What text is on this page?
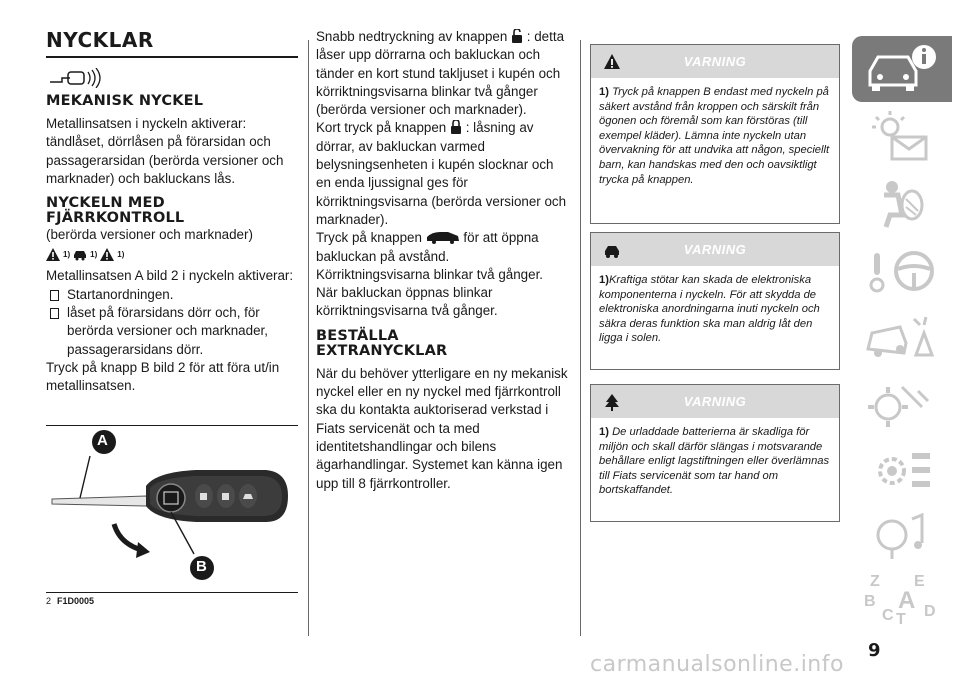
NYCKLAR
MEKANISK NYCKEL

Metallinsatsen i nyckeln aktiverar: tändlåset, dörrlåsen på förarsidan och passagerarsidan (berörda versioner och marknader) och bakluckans lås.

NYCKELN MED FJÄRRKONTROLL

(berörda versioner och marknader)

1)	1)	1)

Metallinsatsen A bild 2 i nyckeln aktiverar:

Startanordningen.
låset på förarsidans dörr och, för berörda versioner och marknader, passagerarsidans dörr.

Tryck på knapp B bild 2 för att föra ut/in metallinsatsen.

A
B
2 F1D0005

Snabb nedtryckning av knappen : detta låser upp dörrarna och bakluckan och tänder en kort stund takljuset i kupén och körriktningsvisarna blinkar två gånger (berörda versioner och marknader).

Kort tryck på knappen : låsning av dörrar, av bakluckan varmed belysningsenheten i kupén slocknar och en enda ljussignal ges för körriktningsvisarna (berörda versioner och marknader).

Tryck på knappen	för att öppna bakluckan på avstånd.

Körriktningsvisarna blinkar två gånger.

När bakluckan öppnas blinkar körriktningsvisarna två gånger.

BESTÄLLA EXTRANYCKLAR

När du behöver ytterligare en ny mekanisk nyckel eller en ny nyckel med fjärrkontroll ska du kontakta auktoriserad verkstad i Fiats servicenät och ta med identitetshandlingar och bilens ägarhandlingar. Systemet kan känna igen upp till 8 fjärrkontroller.

VARNING
1) Tryck på knappen B endast med nyckeln på säkert avstånd från kroppen och särskilt från ögonen och föremål som kan förstöras (till exempel kläder). Lämna inte nyckeln utan övervakning för att undvika att någon, speciellt barn, kan handskas med den och oavsiktligt trycka på knappen.
VARNING
1)Kraftiga stötar kan skada de elektroniska komponenterna i nyckeln. För att skydda de elektroniska anordningarna inuti nyckeln och säkra deras funktion ska man aldrig låt den ligga i solen.
VARNING
1) De urladdade batterierna är skadliga för miljön och skall därför slängas i motsvarande behållare enligt lagstiftningen eller överlämnas till Fiats servicenät som tar hand om bortskaffandet.
Z E
B A
C T D
9
carmanualsonline.info
